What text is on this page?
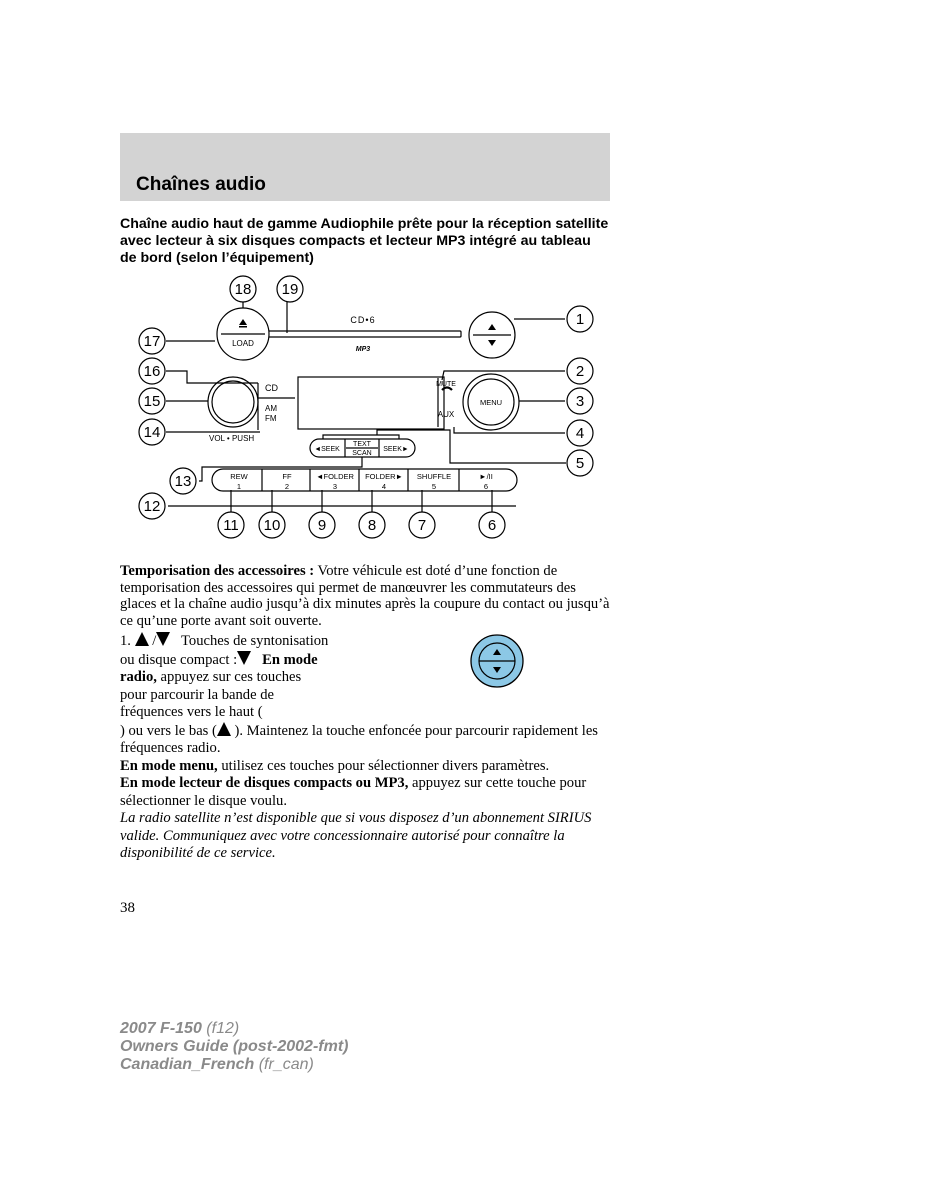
Chaînes audio
Chaîne audio haut de gamme Audiophile prête pour la réception satellite avec lecteur à six disques compacts et lecteur MP3 intégré au tableau de bord (selon l’équipement)
18 19
1
17
2
16
3
15
4
14
5
13
12
11 10 9	8	7	6
LOAD
CD•6
MP3
CD
AM
FM
VOL • PUSH
MUTE
MENU
AUX
◄SEEK
TEXT
SCAN
SEEK►
REW
1
FF
2
◄FOLDER
3
FOLDER►
4
SHUFFLE
5
►/II
6
Temporisation des accessoires : Votre véhicule est doté d’une fonction de temporisation des accessoires qui permet de manœuvrer les commutateurs des glaces et la chaîne audio jusqu’à dix minutes après la coupure du contact ou jusqu’à ce qu’une porte avant soit ouverte.
1. / Touches de syntonisation
ou disque compact : En mode
radio, appuyez sur ces touches
pour parcourir la bande de
fréquences vers le haut (
) ou vers le bas ( ). Maintenez la touche enfoncée pour parcourir rapidement les fréquences radio.
En mode menu, utilisez ces touches pour sélectionner divers paramètres.
En mode lecteur de disques compacts ou MP3, appuyez sur cette touche pour sélectionner le disque voulu.
La radio satellite n’est disponible que si vous disposez d’un abonnement SIRIUS valide. Communiquez avec votre concessionnaire autorisé pour connaître la disponibilité de ce service.
38
2007 F-150 (f12)
Owners Guide (post-2002-fmt)
Canadian_French (fr_can)
